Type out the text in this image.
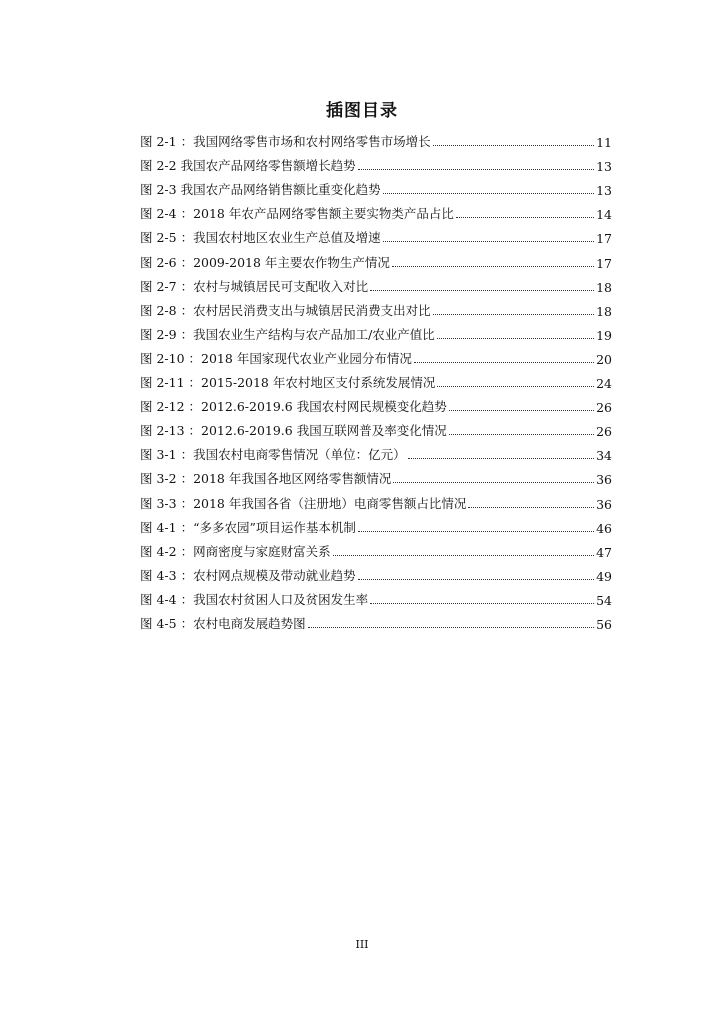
插图目录
图 2-1 ：我国网络零售市场和农村网络零售市场增长	11
图 2-2 我国农产品网络零售额增长趋势	13
图 2-3 我国农产品网络销售额比重变化趋势	13
图 2-4 ：2018 年农产品网络零售额主要实物类产品占比	14
图 2-5 ：我国农村地区农业生产总值及增速	17
图 2-6 ：2009-2018 年主要农作物生产情况	17
图 2-7 ：农村与城镇居民可支配收入对比	18
图 2-8 ：农村居民消费支出与城镇居民消费支出对比	18
图 2-9 ：我国农业生产结构与农产品加工/农业产值比	19
图 2-10 ：2018 年国家现代农业产业园分布情况	20
图 2-11 ：2015-2018 年农村地区支付系统发展情况	24
图 2-12 ：2012.6-2019.6 我国农村网民规模变化趋势	26
图 2-13 ：2012.6-2019.6 我国互联网普及率变化情况	26
图 3-1 ：我国农村电商零售情况（单位：亿元）	34
图 3-2 ：2018 年我国各地区网络零售额情况	36
图 3-3 ：2018 年我国各省（注册地）电商零售额占比情况	36
图 4-1 ：“多多农园”项目运作基本机制	46
图 4-2 ：网商密度与家庭财富关系	47
图 4-3 ：农村网点规模及带动就业趋势	49
图 4-4 ：我国农村贫困人口及贫困发生率	54
图 4-5 ：农村电商发展趋势图	56
III
